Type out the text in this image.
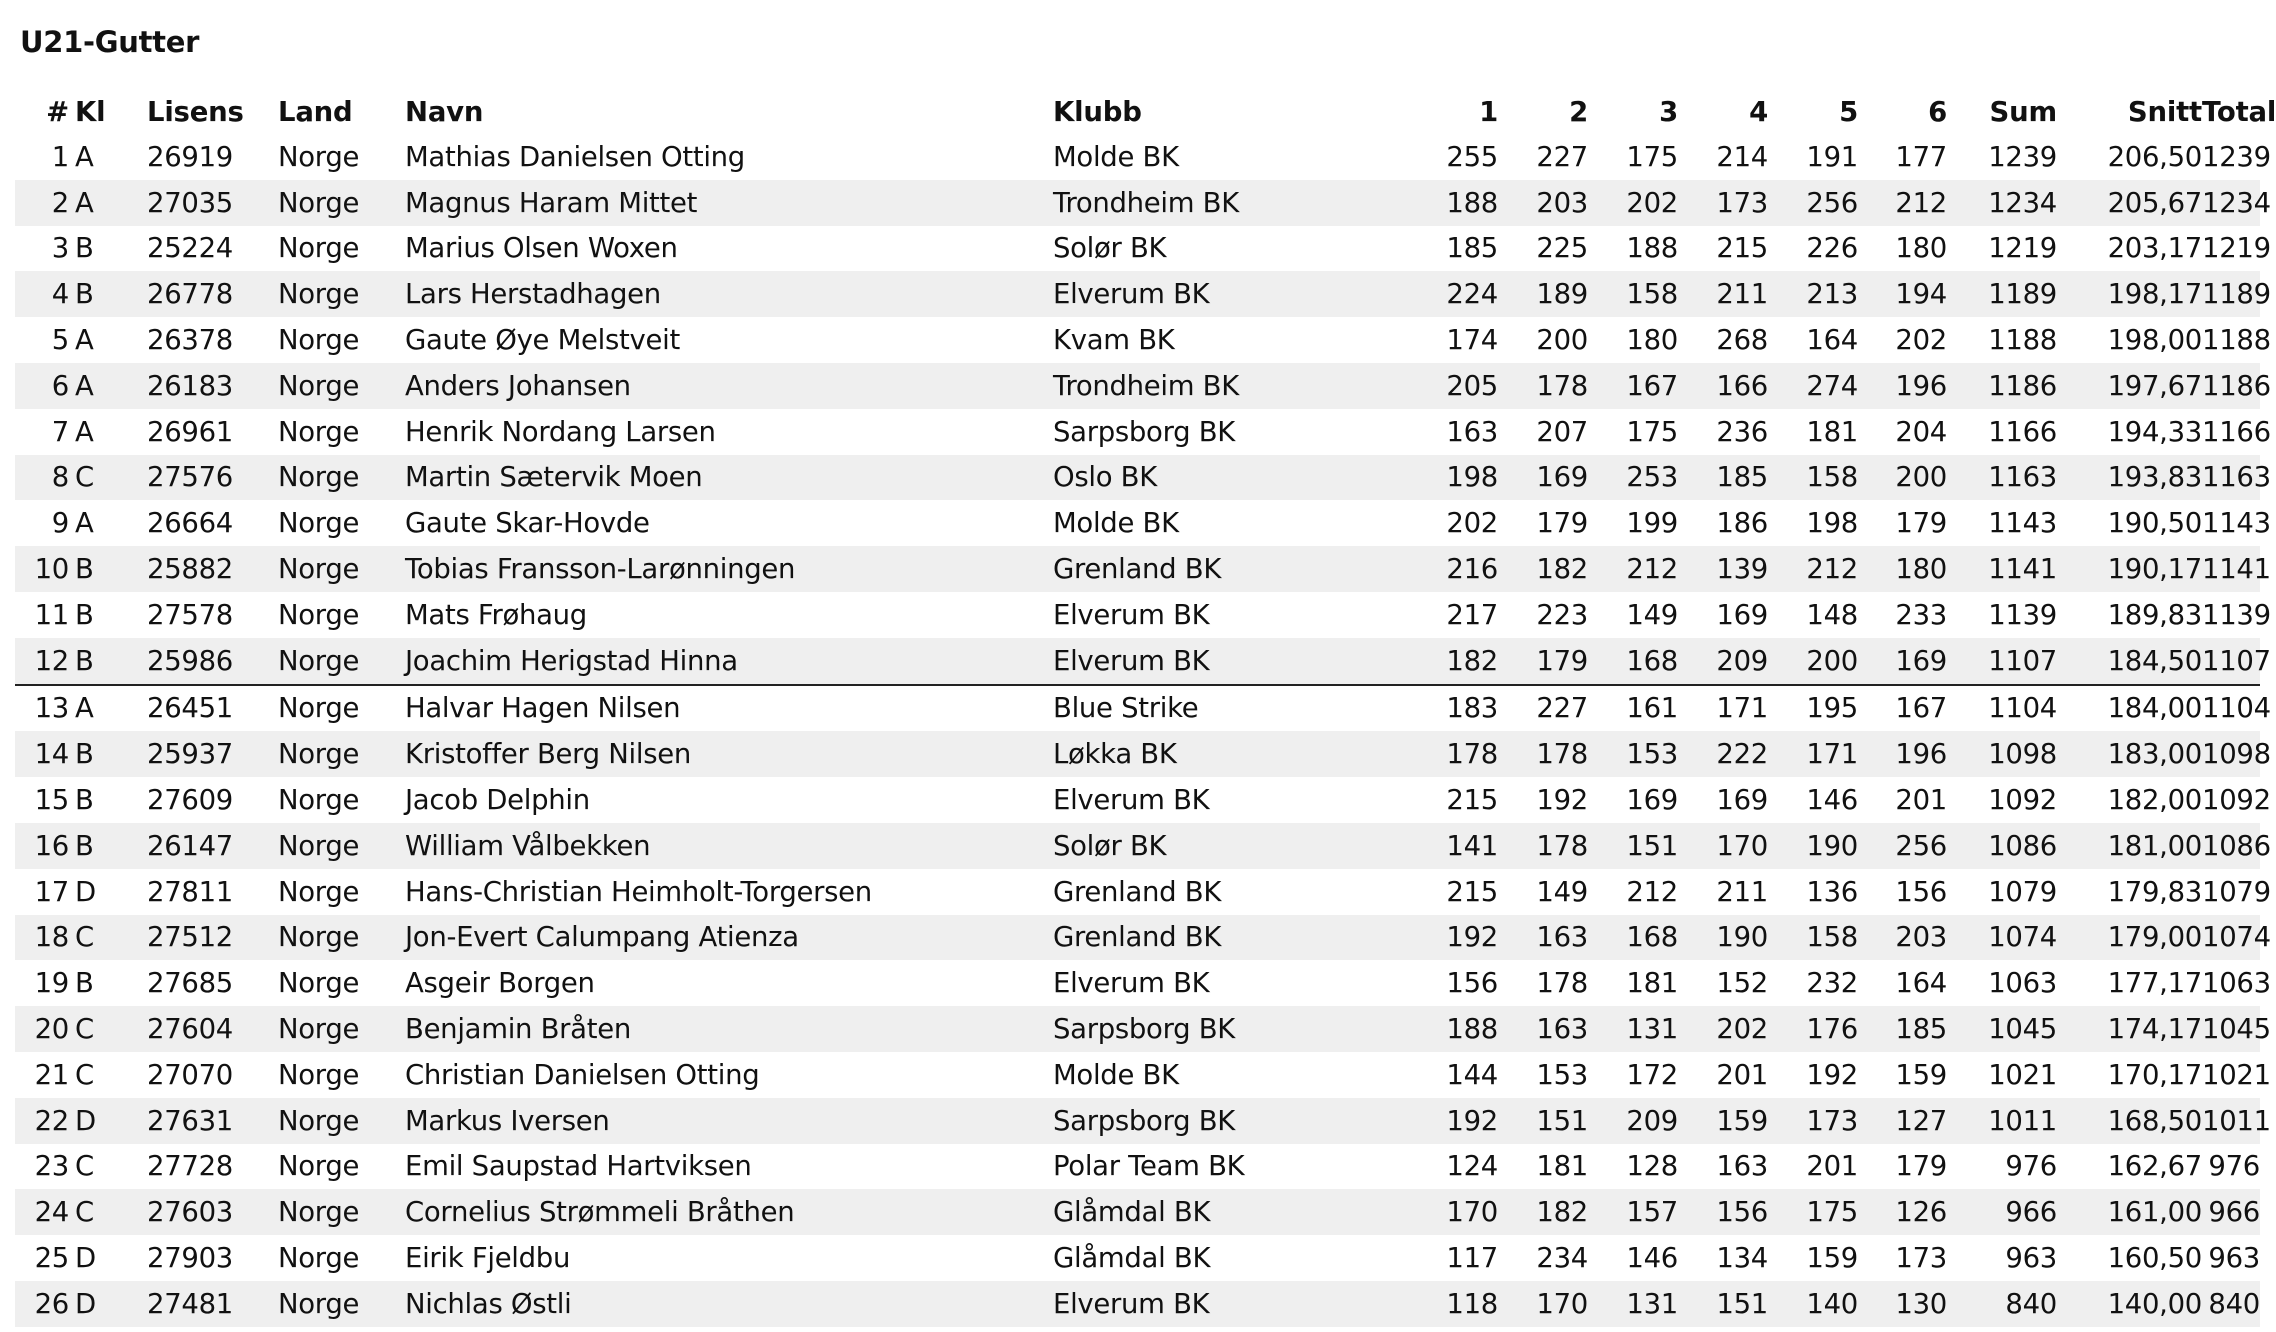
U21-Gutter
#	Kl	Lisens	Land	Navn	Klubb	1	2	3	4	5	6	Sum	Snitt	Total
1	A	26919	Norge	Mathias Danielsen Otting	Molde BK	255	227	175	214	191	177	1239	206,50	1239
2	A	27035	Norge	Magnus Haram Mittet	Trondheim BK	188	203	202	173	256	212	1234	205,67	1234
3	B	25224	Norge	Marius Olsen Woxen	Solør BK	185	225	188	215	226	180	1219	203,17	1219
4	B	26778	Norge	Lars Herstadhagen	Elverum BK	224	189	158	211	213	194	1189	198,17	1189
5	A	26378	Norge	Gaute Øye Melstveit	Kvam BK	174	200	180	268	164	202	1188	198,00	1188
6	A	26183	Norge	Anders Johansen	Trondheim BK	205	178	167	166	274	196	1186	197,67	1186
7	A	26961	Norge	Henrik Nordang Larsen	Sarpsborg BK	163	207	175	236	181	204	1166	194,33	1166
8	C	27576	Norge	Martin Sætervik Moen	Oslo BK	198	169	253	185	158	200	1163	193,83	1163
9	A	26664	Norge	Gaute Skar-Hovde	Molde BK	202	179	199	186	198	179	1143	190,50	1143
10	B	25882	Norge	Tobias Fransson-Larønningen	Grenland BK	216	182	212	139	212	180	1141	190,17	1141
11	B	27578	Norge	Mats Frøhaug	Elverum BK	217	223	149	169	148	233	1139	189,83	1139
12	B	25986	Norge	Joachim Herigstad Hinna	Elverum BK	182	179	168	209	200	169	1107	184,50	1107
13	A	26451	Norge	Halvar Hagen Nilsen	Blue Strike	183	227	161	171	195	167	1104	184,00	1104
14	B	25937	Norge	Kristoffer Berg Nilsen	Løkka BK	178	178	153	222	171	196	1098	183,00	1098
15	B	27609	Norge	Jacob Delphin	Elverum BK	215	192	169	169	146	201	1092	182,00	1092
16	B	26147	Norge	William Vålbekken	Solør BK	141	178	151	170	190	256	1086	181,00	1086
17	D	27811	Norge	Hans-Christian Heimholt-Torgersen	Grenland BK	215	149	212	211	136	156	1079	179,83	1079
18	C	27512	Norge	Jon-Evert Calumpang Atienza	Grenland BK	192	163	168	190	158	203	1074	179,00	1074
19	B	27685	Norge	Asgeir Borgen	Elverum BK	156	178	181	152	232	164	1063	177,17	1063
20	C	27604	Norge	Benjamin Bråten	Sarpsborg BK	188	163	131	202	176	185	1045	174,17	1045
21	C	27070	Norge	Christian Danielsen Otting	Molde BK	144	153	172	201	192	159	1021	170,17	1021
22	D	27631	Norge	Markus Iversen	Sarpsborg BK	192	151	209	159	173	127	1011	168,50	1011
23	C	27728	Norge	Emil Saupstad Hartviksen	Polar Team BK	124	181	128	163	201	179	976	162,67	976
24	C	27603	Norge	Cornelius Strømmeli Bråthen	Glåmdal BK	170	182	157	156	175	126	966	161,00	966
25	D	27903	Norge	Eirik Fjeldbu	Glåmdal BK	117	234	146	134	159	173	963	160,50	963
26	D	27481	Norge	Nichlas Østli	Elverum BK	118	170	131	151	140	130	840	140,00	840
